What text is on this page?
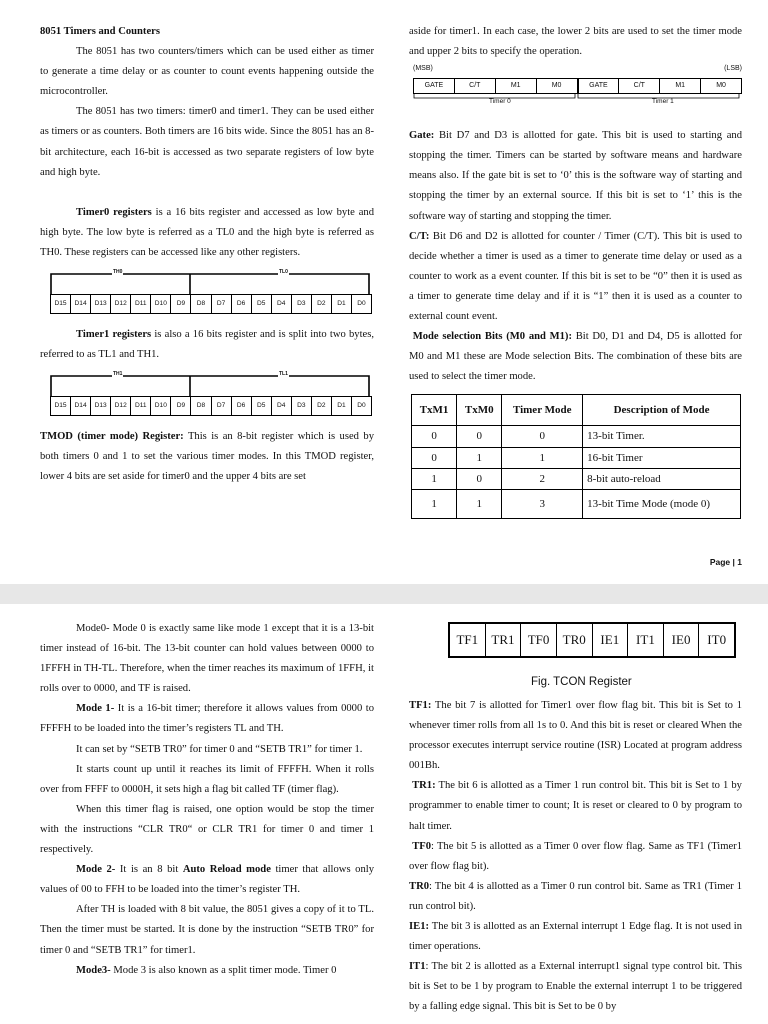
8051 Timers and Counters

The 8051 has two counters/timers which can be used either as timer to generate a time delay or as counter to count events happening outside the microcontroller.

The 8051 has two timers: timer0 and timer1. They can be used either as timers or as counters. Both timers are 16 bits wide. Since the 8051 has an 8-bit architecture, each 16-bit is accessed as two separate registers of low byte and high byte.

Timer0 registers is a 16 bits register and accessed as low byte and high byte. The low byte is referred as a TL0 and the high byte is referred as TH0. These registers can be accessed like any other registers.

TH0	TL0
D15	D14	D13	D12	D11	D10	D9	D8	D7	D6	D5	D4	D3	D2	D1	D0

Timer1 registers is also a 16 bits register and is split into two bytes, referred to as TL1 and TH1.

TH1	TL1
D15	D14	D13	D12	D11	D10	D9	D8	D7	D6	D5	D4	D3	D2	D1	D0

TMOD (timer mode) Register: This is an 8-bit register which is used by both timers 0 and 1 to set the various timer modes. In this TMOD register, lower 4 bits are set aside for timer0 and the upper 4 bits are set

aside for timer1. In each case, the lower 2 bits are used to set the timer mode and upper 2 bits to specify the operation.

(MSB)	(LSB)
GATE	C/T	M1	M0	GATE	C/T	M1	M0
Timer 0	Timer 1

Gate: Bit D7 and D3 is allotted for gate. This bit is used to starting and stopping the timer. Timers can be started by software means and hardware means also. If the gate bit is set to ‘0’ this is the software way of starting and stopping the timer by an external source. If this bit is set to ‘1’ this is the software way of starting and stopping the timer.

C/T: Bit D6 and D2 is allotted for counter / Timer (C/T). This bit is used to decide whether a timer is used as a timer to generate time delay or used as a counter to work as a event counter. If this bit is set to be “0” then it is used as a timer to generate time delay and if it is “1” then it is used as a counter to external count event.

Mode selection Bits (M0 and M1): Bit D0, D1 and D4, D5 is allotted for M0 and M1 these are Mode selection Bits. The combination of these bits are used to select the timer mode.

TxM1	TxM0	Timer Mode	Description of Mode
0	0	0	13-bit Timer.
0	1	1	16-bit Timer
1	0	2	8-bit auto-reload
1	1	3	13-bit Time Mode (mode 0)
Page | 1

Mode0- Mode 0 is exactly same like mode 1 except that it is a 13-bit timer instead of 16-bit. The 13-bit counter can hold values between 0000 to 1FFFH in TH-TL. Therefore, when the timer reaches its maximum of 1FFH, it rolls over to 0000, and TF is raised.

Mode 1- It is a 16-bit timer; therefore it allows values from 0000 to FFFFH to be loaded into the timer’s registers TL and TH.

It can set by “SETB TR0” for timer 0 and “SETB TR1” for timer 1.

It starts count up until it reaches its limit of FFFFH. When it rolls over from FFFF to 0000H, it sets high a flag bit called TF (timer flag).

When this timer flag is raised, one option would be stop the timer with the instructions “CLR TR0“ or CLR TR1 for timer 0 and timer 1 respectively.

Mode 2- It is an 8 bit Auto Reload mode timer that allows only values of 00 to FFH to be loaded into the timer’s register TH.

After TH is loaded with 8 bit value, the 8051 gives a copy of it to TL. Then the timer must be started. It is done by the instruction “SETB TR0” for timer 0 and “SETB TR1” for timer1.

Mode3- Mode 3 is also known as a split timer mode. Timer 0

TF1	TR1	TF0	TR0	IE1	IT1	IE0	IT0
Fig. TCON Register

TF1: The bit 7 is allotted for Timer1 over flow flag bit. This bit is Set to 1 whenever timer rolls from all 1s to 0. And this bit is reset or cleared When the processor executes interrupt service routine (ISR) Located at program address 001Bh.

TR1: The bit 6 is allotted as a Timer 1 run control bit. This bit is Set to 1 by programmer to enable timer to count; It is reset or cleared to 0 by program to halt timer.

TF0: The bit 5 is allotted as a Timer 0 over flow flag. Same as TF1 (Timer1 over flow flag bit).

TR0: The bit 4 is allotted as a Timer 0 run control bit. Same as TR1 (Timer 1 run control bit).

IE1: The bit 3 is allotted as an External interrupt 1 Edge flag. It is not used in timer operations.

IT1: The bit 2 is allotted as a External interrupt1 signal type control bit. This bit is Set to be 1 by program to Enable the external interrupt 1 to be triggered by a falling edge signal. This bit is Set to be 0 by
